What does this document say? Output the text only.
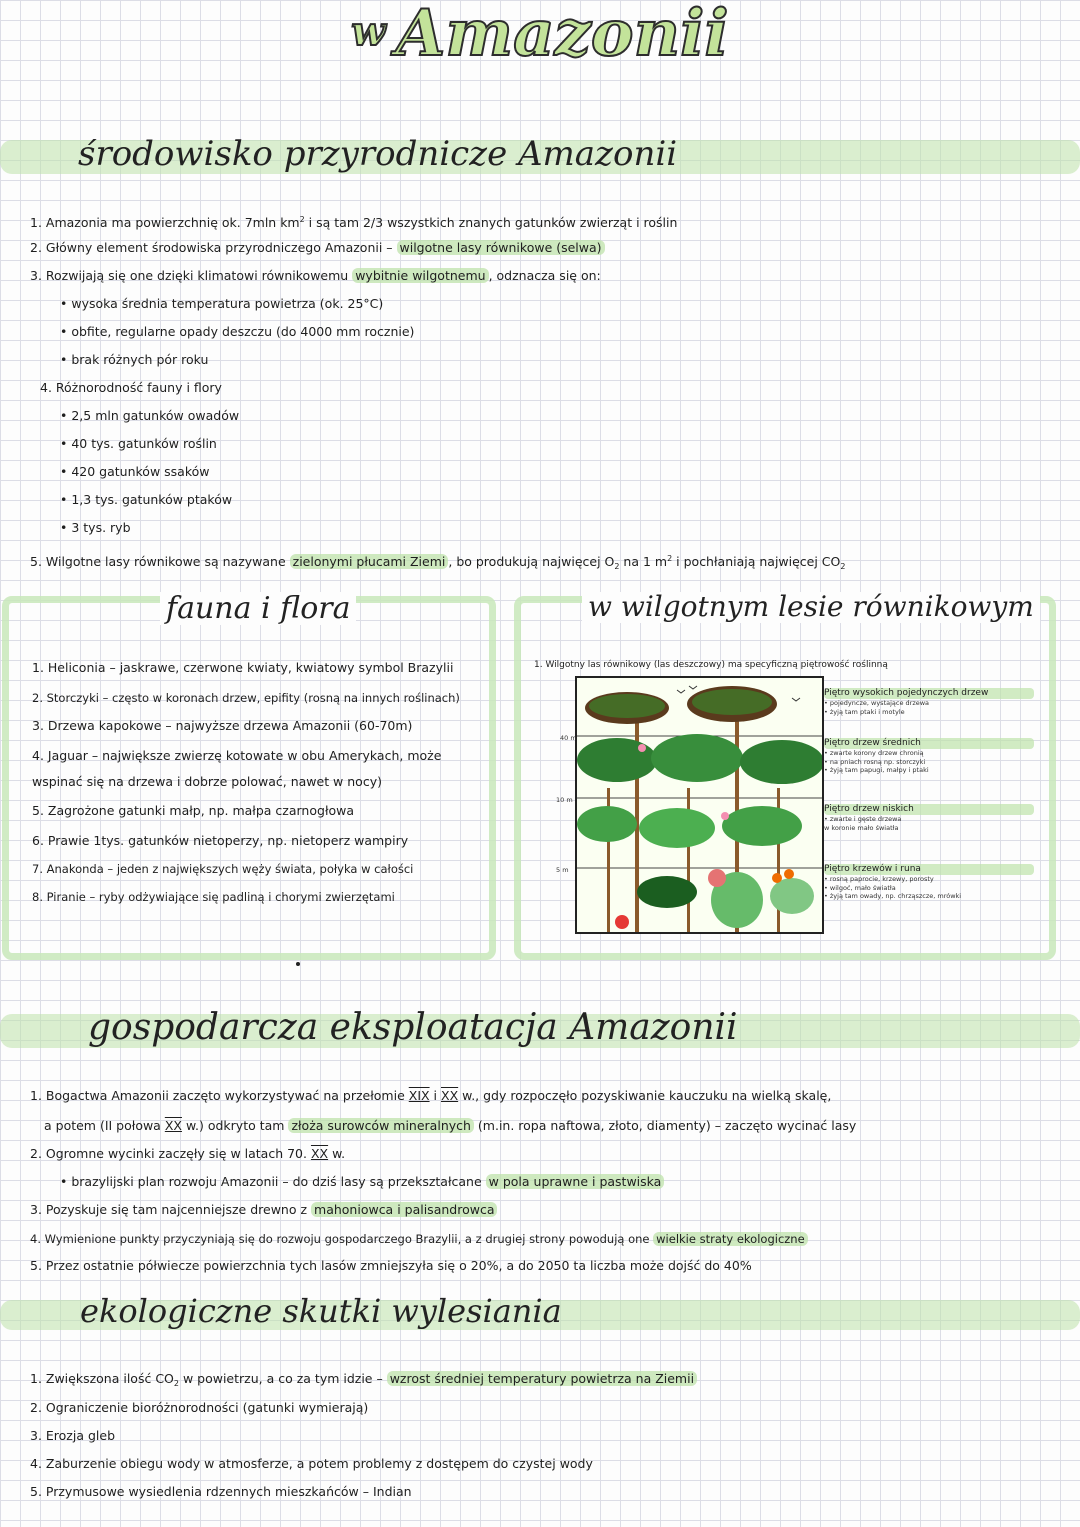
w Amazonii
środowisko przyrodnicze Amazonii
1. Amazonia ma powierzchnię ok. 7mln $km^2$ i są tam 2/3 wszystkich znanych gatunków zwierząt i roślin
2. Główny element środowiska przyrodniczego Amazonii – wilgotne lasy równikowe (selwa)
3. Rozwijają się one dzięki klimatowi równikowemu wybitnie wilgotnemu , odznacza się on:
• wysoka średnia temperatura powietrza (ok. 25°C)
• obfite, regularne opady deszczu (do 4000 mm rocznie)
• brak różnych pór roku
4. Różnorodność fauny i flory
• 2,5 mln gatunków owadów
• 40 tys. gatunków roślin
• 420 gatunków ssaków
• 1,3 tys. gatunków ptaków
• 3 tys. ryb
5. Wilgotne lasy równikowe są nazywane zielonymi płucami Ziemi , bo produkują najwięcej $O_2$ na 1 $m^2$ i pochłaniają najwięcej $CO_2$
fauna i flora
1. Heliconia – jaskrawe, czerwone kwiaty, kwiatowy symbol Brazylii
2. Storczyki – często w koronach drzew, epifity (rosną na innych roślinach)
3. Drzewa kapokowe – najwyższe drzewa Amazonii (60-70m)
4. Jaguar – największe zwierzę kotowate w obu Amerykach, może
wspinać się na drzewa i dobrze polować, nawet w nocy)
5. Zagrożone gatunki małp, np. małpa czarnogłowa
6. Prawie 1tys. gatunków nietoperzy, np. nietoperz wampiry
7. Anakonda – jeden z największych węży świata, połyka w całości
8. Piranie – ryby odżywiające się padliną i chorymi zwierzętami
w wilgotnym lesie równikowym
1. Wilgotny las równikowy (las deszczowy) ma specyficzną piętrowość roślinną
40 m
10 m
5 m
Piętro wysokich pojedynczych drzew
• pojedyncze, wystające drzewa
• żyją tam ptaki i motyle
Piętro drzew średnich
• zwarte korony drzew chronią
• na pniach rosną np. storczyki
• żyją tam papugi, małpy i ptaki
Piętro drzew niskich
• zwarte i gęste drzewa
w koronie mało światła
Piętro krzewów i runa
• rosną paprocie, krzewy, porosty
• wilgoć, mało światła
• żyją tam owady, np. chrząszcze, mrówki
gospodarcza eksploatacja Amazonii
1. Bogactwa Amazonii zaczęto wykorzystywać na przełomie XIX i XX w., gdy rozpoczęło pozyskiwanie kauczuku na wielką skalę,
a potem (II połowa XX w.) odkryto tam złoża surowców mineralnych (m.in. ropa naftowa, złoto, diamenty) – zaczęto wycinać lasy
2. Ogromne wycinki zaczęły się w latach 70. XX w.
• brazylijski plan rozwoju Amazonii – do dziś lasy są przekształcane w pola uprawne i pastwiska
3. Pozyskuje się tam najcenniejsze drewno z mahoniowca i palisandrowca
4. Wymienione punkty przyczyniają się do rozwoju gospodarczego Brazylii, a z drugiej strony powodują one wielkie straty ekologiczne
5. Przez ostatnie półwiecze powierzchnia tych lasów zmniejszyła się o 20%, a do 2050 ta liczba może dojść do 40%
ekologiczne skutki wylesiania
1. Zwiększona ilość $CO_2$ w powietrzu, a co za tym idzie – wzrost średniej temperatury powietrza na Ziemii
2. Ograniczenie bioróżnorodności (gatunki wymierają)
3. Erozja gleb
4. Zaburzenie obiegu wody w atmosferze, a potem problemy z dostępem do czystej wody
5. Przymusowe wysiedlenia rdzennych mieszkańców – Indian
